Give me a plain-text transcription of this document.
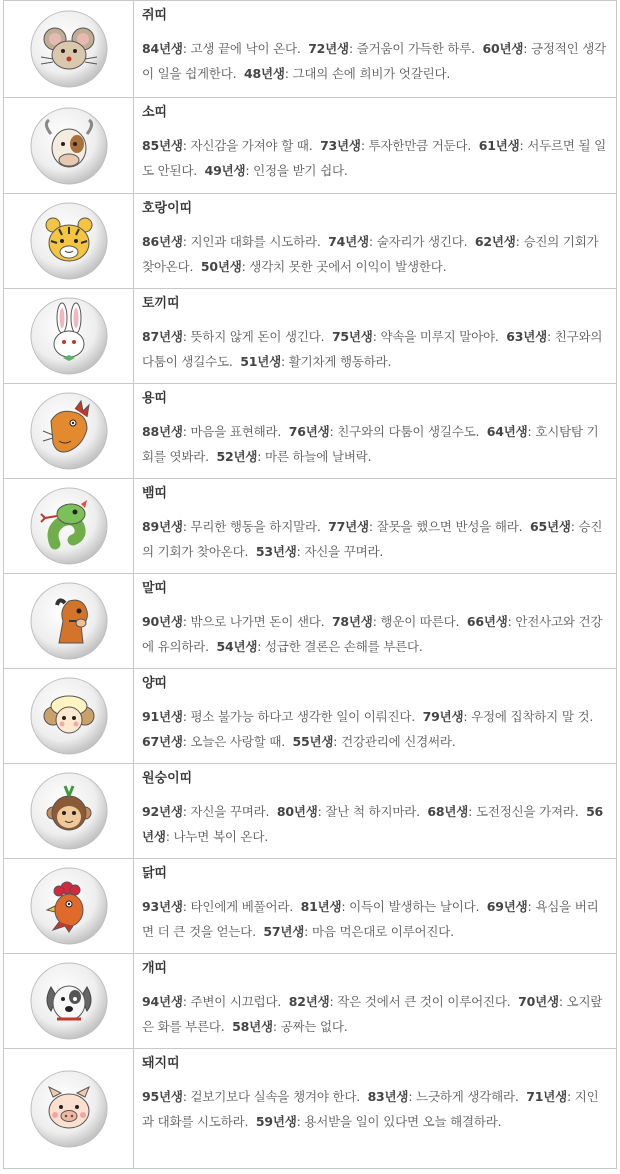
쥐띠
84년생: 고생 끝에 낙이 온다. 72년생: 즐거움이 가득한 하루. 60년생: 긍정적인 생각이 일을 쉽게한다. 48년생: 그대의 손에 희비가 엇갈린다.
소띠
85년생: 자신감을 가져야 할 때. 73년생: 투자한만큼 거둔다. 61년생: 서두르면 될 일도 안된다. 49년생: 인정을 받기 쉽다.
호랑이띠
86년생: 지인과 대화를 시도하라. 74년생: 술자리가 생긴다. 62년생: 승진의 기회가 찾아온다. 50년생: 생각치 못한 곳에서 이익이 발생한다.
토끼띠
87년생: 뜻하지 않게 돈이 생긴다. 75년생: 약속을 미루지 말아야. 63년생: 친구와의 다툼이 생길수도. 51년생: 활기차게 행동하라.
용띠
88년생: 마음을 표현해라. 76년생: 친구와의 다툼이 생길수도. 64년생: 호시탐탐 기회를 엿봐라. 52년생: 마른 하늘에 날벼락.
뱀띠
89년생: 무리한 행동을 하지말라. 77년생: 잘못을 했으면 반성을 해라. 65년생: 승진의 기회가 찾아온다. 53년생: 자신을 꾸며라.
말띠
90년생: 밖으로 나가면 돈이 샌다. 78년생: 행운이 따른다. 66년생: 안전사고와 건강에 유의하라. 54년생: 성급한 결론은 손해를 부른다.
양띠
91년생: 평소 불가능 하다고 생각한 일이 이뤄진다. 79년생: 우정에 집착하지 말 것.  67년생: 오늘은 사랑할 때. 55년생: 건강관리에 신경써라.
원숭이띠
92년생: 자신을 꾸며라. 80년생: 잘난 척 하지마라. 68년생: 도전정신을 가져라. 56년생: 나누면 복이 온다.
닭띠
93년생: 타인에게 베풀어라. 81년생: 이득이 발생하는 날이다. 69년생: 욕심을 버리면 더 큰 것을 얻는다. 57년생: 마음 먹은대로 이루어진다.
개띠
94년생: 주변이 시끄럽다. 82년생: 작은 것에서 큰 것이 이루어진다. 70년생: 오지랖은 화를 부른다. 58년생: 공짜는 없다.
돼지띠
95년생: 겉보기보다 실속을 챙겨야 한다. 83년생: 느긋하게 생각해라. 71년생: 지인과 대화를 시도하라. 59년생: 용서받을 일이 있다면 오늘 해결하라.
